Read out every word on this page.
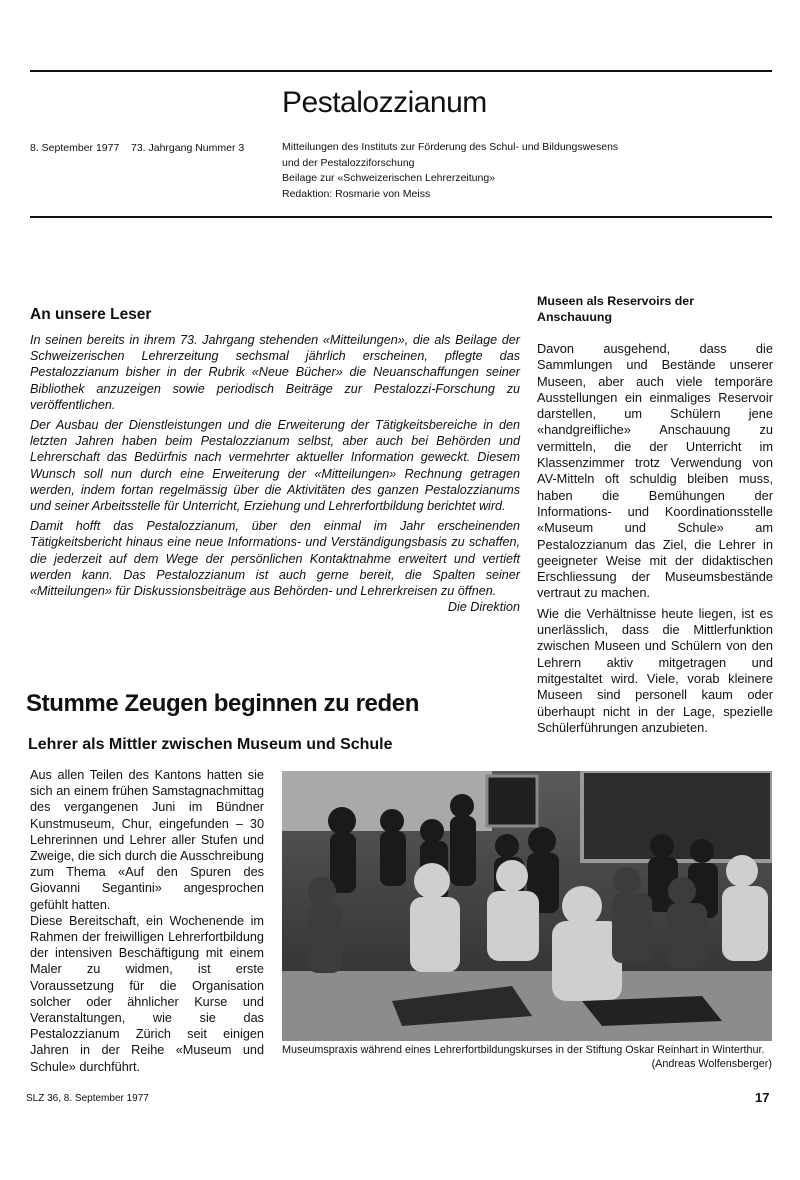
Pestalozzianum
8. September 1977 73. Jahrgang Nummer 3	Mitteilungen des Instituts zur Förderung des Schul- und Bildungswesens
und der Pestalozziforschung
Beilage zur «Schweizerischen Lehrerzeitung»
Redaktion: Rosmarie von Meiss
An unsere Leser

In seinen bereits in ihrem 73. Jahrgang stehenden «Mitteilungen», die als Beilage der Schweizerischen Lehrerzeitung sechsmal jährlich erscheinen, pflegte das Pestalozzianum bisher in der Rubrik «Neue Bücher» die Neuanschaffungen seiner Bibliothek anzuzeigen sowie periodisch Beiträge zur Pestalozzi-Forschung zu veröffentlichen.

Der Ausbau der Dienstleistungen und die Erweiterung der Tätigkeitsbereiche in den letzten Jahren haben beim Pestalozzianum selbst, aber auch bei Behörden und Lehrerschaft das Bedürfnis nach vermehrter aktueller Information geweckt. Diesem Wunsch soll nun durch eine Erweiterung der «Mitteilungen» Rechnung getragen werden, indem fortan regelmässig über die Aktivitäten des ganzen Pestalozzianums und seiner Arbeitsstelle für Unterricht, Erziehung und Lehrerfortbildung berichtet wird.

Damit hofft das Pestalozzianum, über den einmal im Jahr erscheinenden Tätigkeitsbericht hinaus eine neue Informations- und Verständigungsbasis zu schaffen, die jederzeit auf dem Wege der persönlichen Kontaktnahme erweitert und vertieft werden kann. Das Pestalozzianum ist auch gerne bereit, die Spalten seiner «Mitteilungen» für Diskussionsbeiträge aus Behörden- und Lehrerkreisen zu öffnen.

Die Direktion
Museen als Reservoirs der
Anschauung

Davon ausgehend, dass die Sammlungen und Bestände unserer Museen, aber auch viele temporäre Ausstellungen ein einmaliges Reservoir darstellen, um Schülern jene «handgreifliche» Anschauung zu vermitteln, die der Unterricht im Klassenzimmer trotz Verwendung von AV-Mitteln oft schuldig bleiben muss, haben die Bemühungen der Informations- und Koordinationsstelle «Museum und Schule» am Pestalozzianum das Ziel, die Lehrer in geeigneter Weise mit der didaktischen Erschliessung der Museumsbestände vertraut zu machen.

Wie die Verhältnisse heute liegen, ist es unerlässlich, dass die Mittlerfunktion zwischen Museen und Schülern von den Lehrern aktiv mitgetragen und mitgestaltet wird. Viele, vorab kleinere Museen sind personell kaum oder überhaupt nicht in der Lage, spezielle Schülerführungen anzubieten.

Stumme Zeugen beginnen zu reden
Lehrer als Mittler zwischen Museum und Schule

Aus allen Teilen des Kantons hatten sie sich an einem frühen Samstagnachmittag des vergangenen Juni im Bündner Kunstmuseum, Chur, eingefunden – 30 Lehrerinnen und Lehrer aller Stufen und Zweige, die sich durch die Ausschreibung zum Thema «Auf den Spuren des Giovanni Segantini» angesprochen gefühlt hatten.

Diese Bereitschaft, ein Wochenende im Rahmen der freiwilligen Lehrerfortbildung der intensiven Beschäftigung mit einem Maler zu widmen, ist erste Voraussetzung für die Organisation solcher oder ähnlicher Kurse und Veranstaltungen, wie sie das Pestalozzianum Zürich seit einigen Jahren in der Reihe «Museum und Schule» durchführt.

Museumspraxis während eines Lehrerfortbildungskurses in der Stiftung Oskar Reinhart in Winterthur.
(Andreas Wolfensberger)
SLZ 36, 8. September 1977	17
